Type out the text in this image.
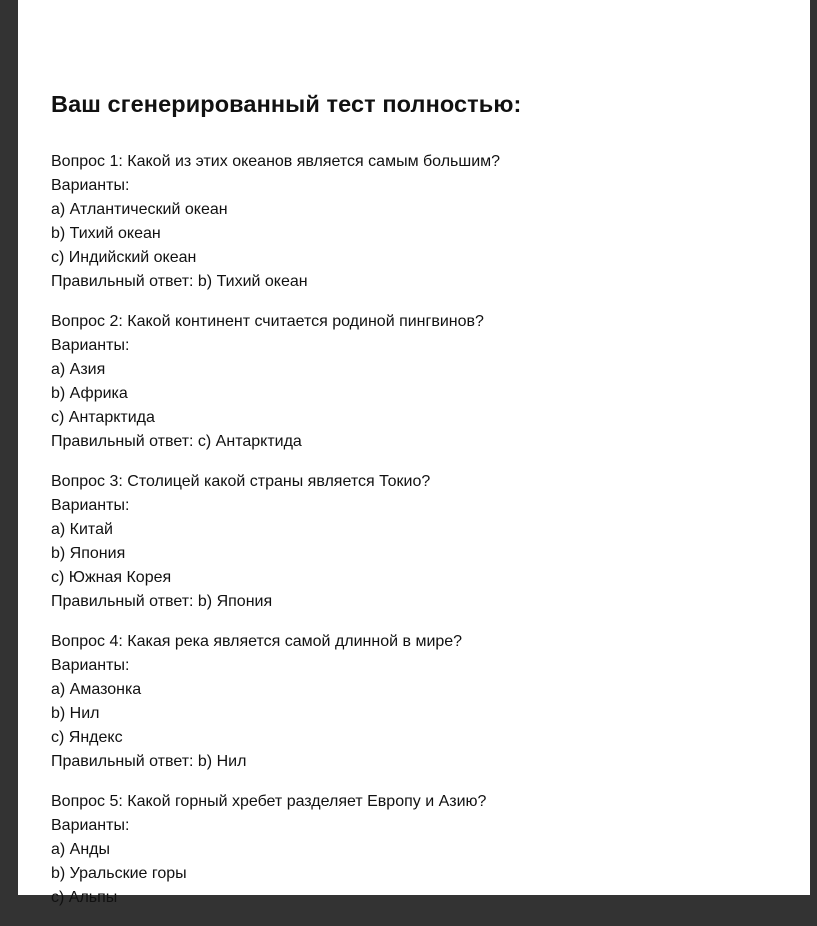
Ваш сгенерированный тест полностью:
Вопрос 1: Какой из этих океанов является самым большим?
Варианты:
a) Атлантический океан
b) Тихий океан
c) Индийский океан
Правильный ответ: b) Тихий океан
Вопрос 2: Какой континент считается родиной пингвинов?
Варианты:
a) Азия
b) Африка
c) Антарктида
Правильный ответ: c) Антарктида
Вопрос 3: Столицей какой страны является Токио?
Варианты:
a) Китай
b) Япония
c) Южная Корея
Правильный ответ: b) Япония
Вопрос 4: Какая река является самой длинной в мире?
Варианты:
a) Амазонка
b) Нил
c) Яндекс
Правильный ответ: b) Нил
Вопрос 5: Какой горный хребет разделяет Европу и Азию?
Варианты:
a) Анды
b) Уральские горы
c) Альпы
